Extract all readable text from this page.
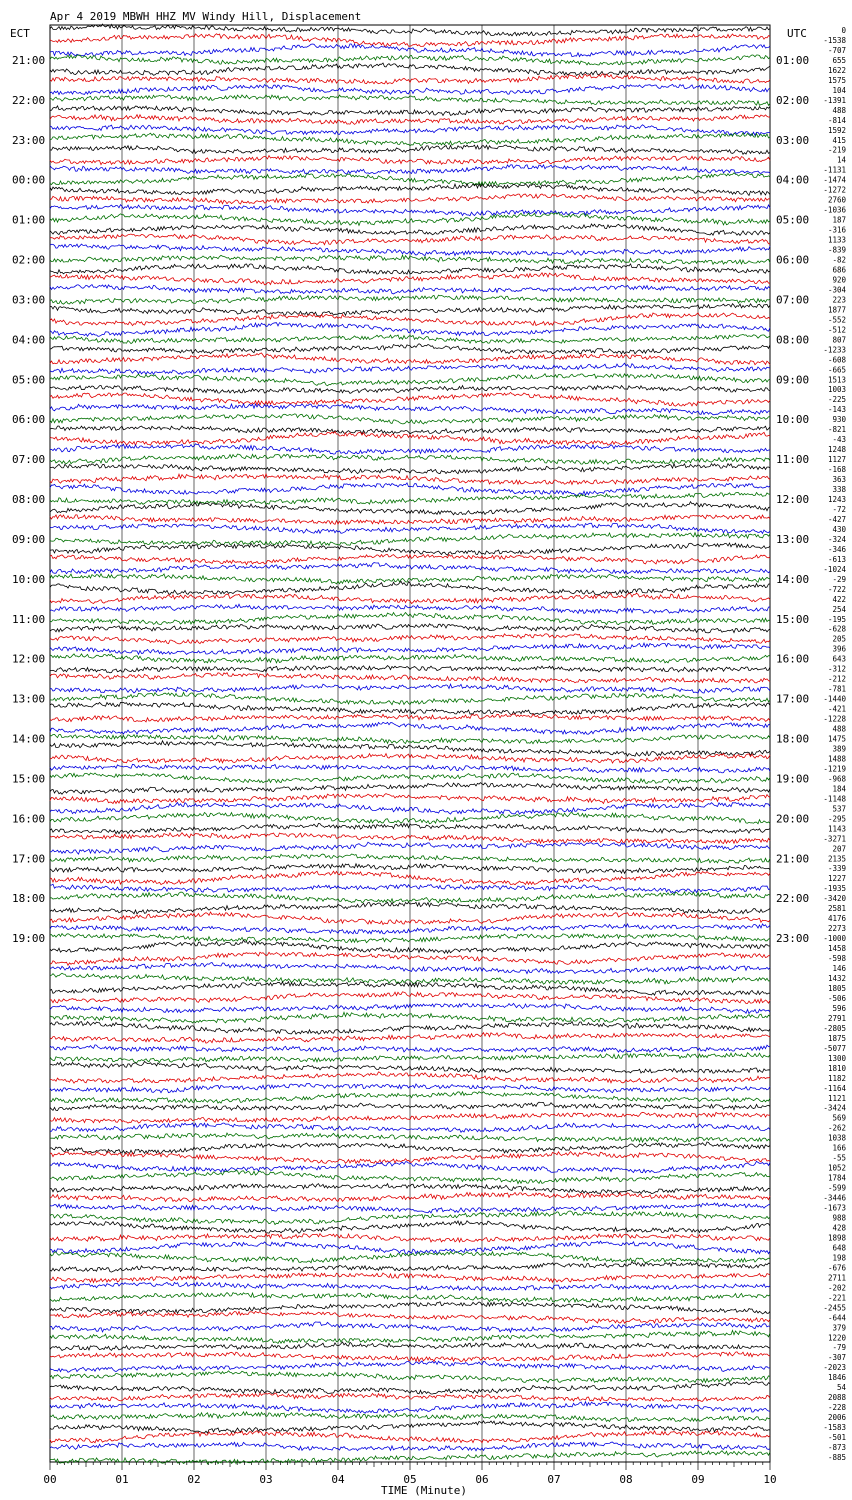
00	01	02	03	04	05	06	07	08	09	10
0
-1538
-707
655
1622
1575
104
-1391
488
-814
1592
415
-219
14
-1131
-1474
-1272
2760
-1036
187
-316
1133
-839
-82
686
920
-304
223
1877
-552
-512
807
-1233
-608
-665
1513
1003
-225
-143
930
-821
-43
1248
1127
-168
363
338
1243
-72
-427
430
-324
-346
-613
-1024
-29
-722
422
254
-195
-628
205
396
643
-312
-212
-781
-1440
-421
-1228
488
1475
389
1488
-1219
-968
184
-1148
537
-295
1143
-3271
207
2135
-339
1227
-1935
-3420
2581
4176
2273
-1000
1458
-598
146
1432
1805
-506
596
2791
-2805
1875
-5077
1300
1810
1182
-1164
1121
-3424
569
-262
1038
166
-55
1052
1784
-599
-3446
-1673
988
428
1898
648
198
-676
2711
-202
-221
-2455
-644
379
1220
-79
-307
-2023
1846
54
2088
-228
2006
-1583
-501
-873
-885
21:00
22:00
23:00
00:00
01:00
02:00
03:00
04:00
05:00
06:00
07:00
08:00
09:00
10:00
11:00
12:00
13:00
14:00
15:00
16:00
17:00
18:00
19:00
01:00
02:00
03:00
04:00
05:00
06:00
07:00
08:00
09:00
10:00
11:00
12:00
13:00
14:00
15:00
16:00
17:00
18:00
19:00
20:00
21:00
22:00
23:00
Apr 4 2019 MBWH HHZ MV Windy Hill, Displacement
ECT	UTC
TIME (Minute)
